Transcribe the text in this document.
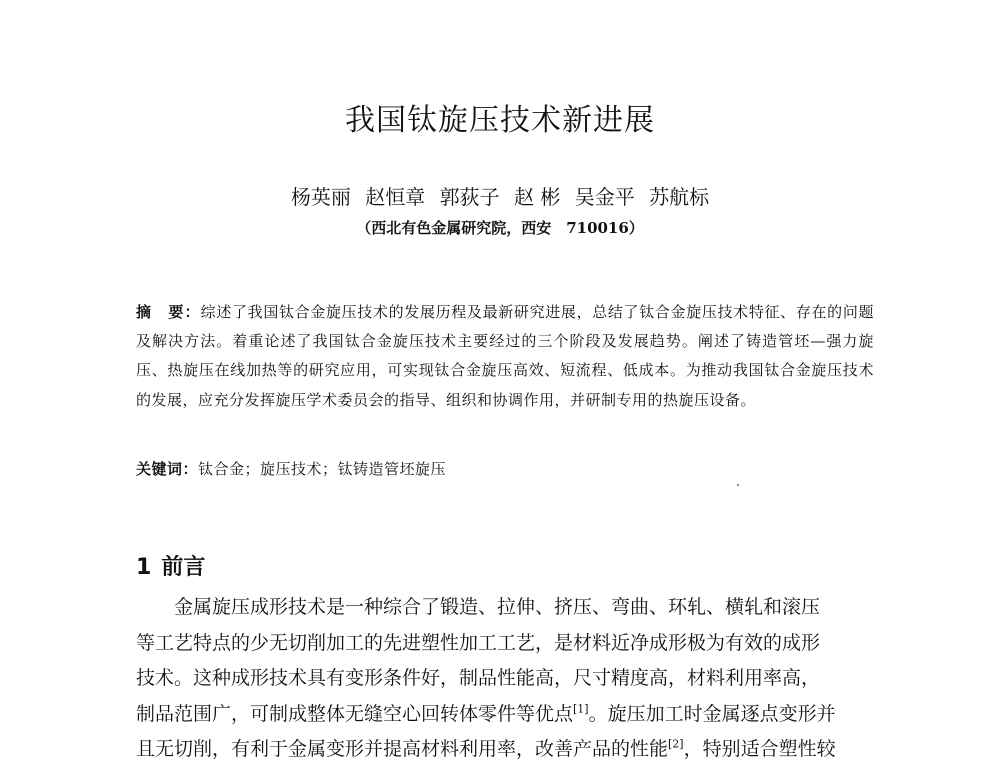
我国钛旋压技术新进展
杨英丽 赵恒章 郭荻子 赵 彬 吴金平 苏航标
（西北有色金属研究院，西安　710016）
摘 要：综述了我国钛合金旋压技术的发展历程及最新研究进展，总结了钛合金旋压技术特征、存在的问题及解决方法。着重论述了我国钛合金旋压技术主要经过的三个阶段及发展趋势。阐述了铸造管坯—强力旋压、热旋压在线加热等的研究应用，可实现钛合金旋压高效、短流程、低成本。为推动我国钛合金旋压技术的发展，应充分发挥旋压学术委员会的指导、组织和协调作用，并研制专用的热旋压设备。
关键词：钛合金；旋压技术；钛铸造管坯旋压
1 前言
金属旋压成形技术是一种综合了锻造、拉伸、挤压、弯曲、环轧、横轧和滚压
等工艺特点的少无切削加工的先进塑性加工工艺，是材料近净成形极为有效的成形
技术。这种成形技术具有变形条件好，制品性能高，尺寸精度高，材料利用率高，
制品范围广，可制成整体无缝空心回转体零件等优点[1]。旋压加工时金属逐点变形并
且无切削，有利于金属变形并提高材料利用率，改善产品的性能[2]，特别适合塑性较
